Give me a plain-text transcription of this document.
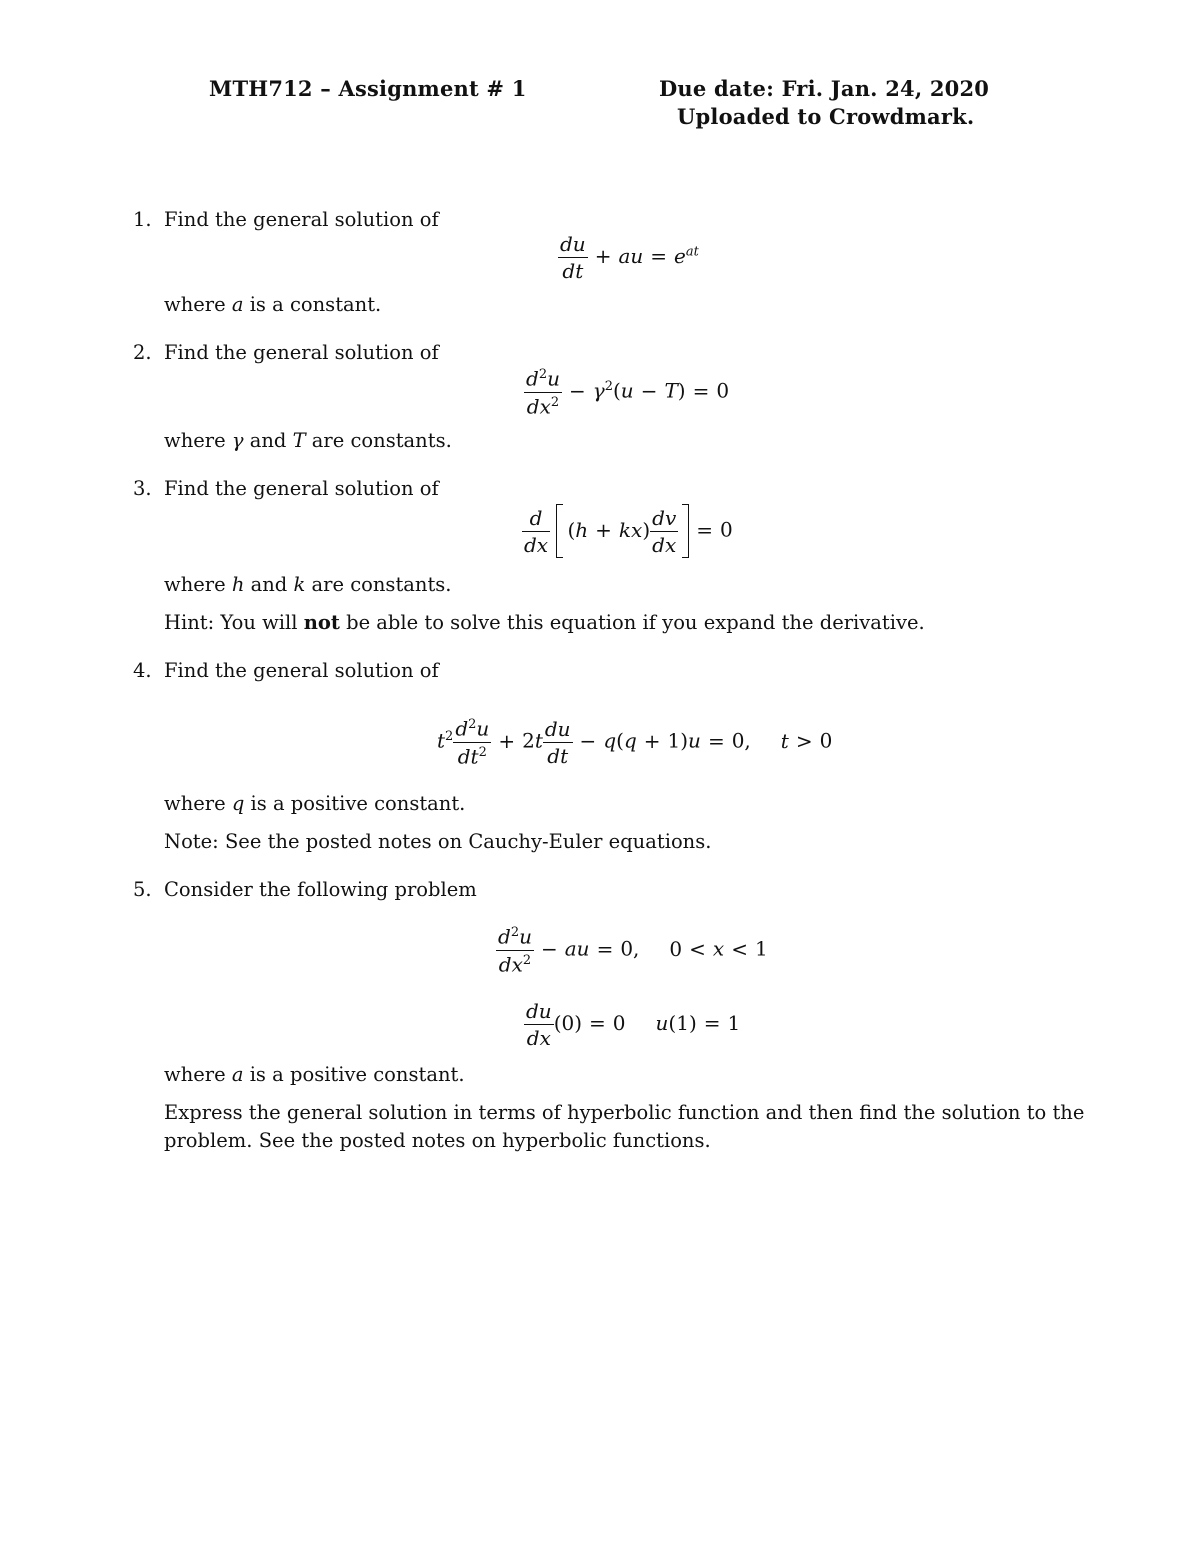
MTH712 – Assignment # 1	Due date: Fri. Jan. 24, 2020
Uploaded to Crowdmark.
1. Find the general solution of
$\frac{du}{dt}$ + au = $e^{at}$
where a is a constant.
2. Find the general solution of
$\frac{d^2u}{dx^2} - \gamma^2(u - T) = 0$
where γ and T are constants.
3. Find the general solution of
$\frac{d}{dx} (h + kx) \frac{dv}{dx} = 0$
where h and k are constants.
Hint: You will not be able to solve this equation if you expand the derivative.
4. Find the general solution of
$t^2 \frac{d^2u}{dt^2} + 2t \frac{du}{dt} - q(q + 1)u = 0$, t > 0
where q is a positive constant.
Note: See the posted notes on Cauchy-Euler equations.
5. Consider the following problem
$\frac{d^2u}{dx^2}$ − au = 0, 0 < x < 1
$\frac{du}{dx} (0) = 0$ u(1) = 1
where a is a positive constant.
Express the general solution in terms of hyperbolic function and then find the solution to the
problem. See the posted notes on hyperbolic functions.
